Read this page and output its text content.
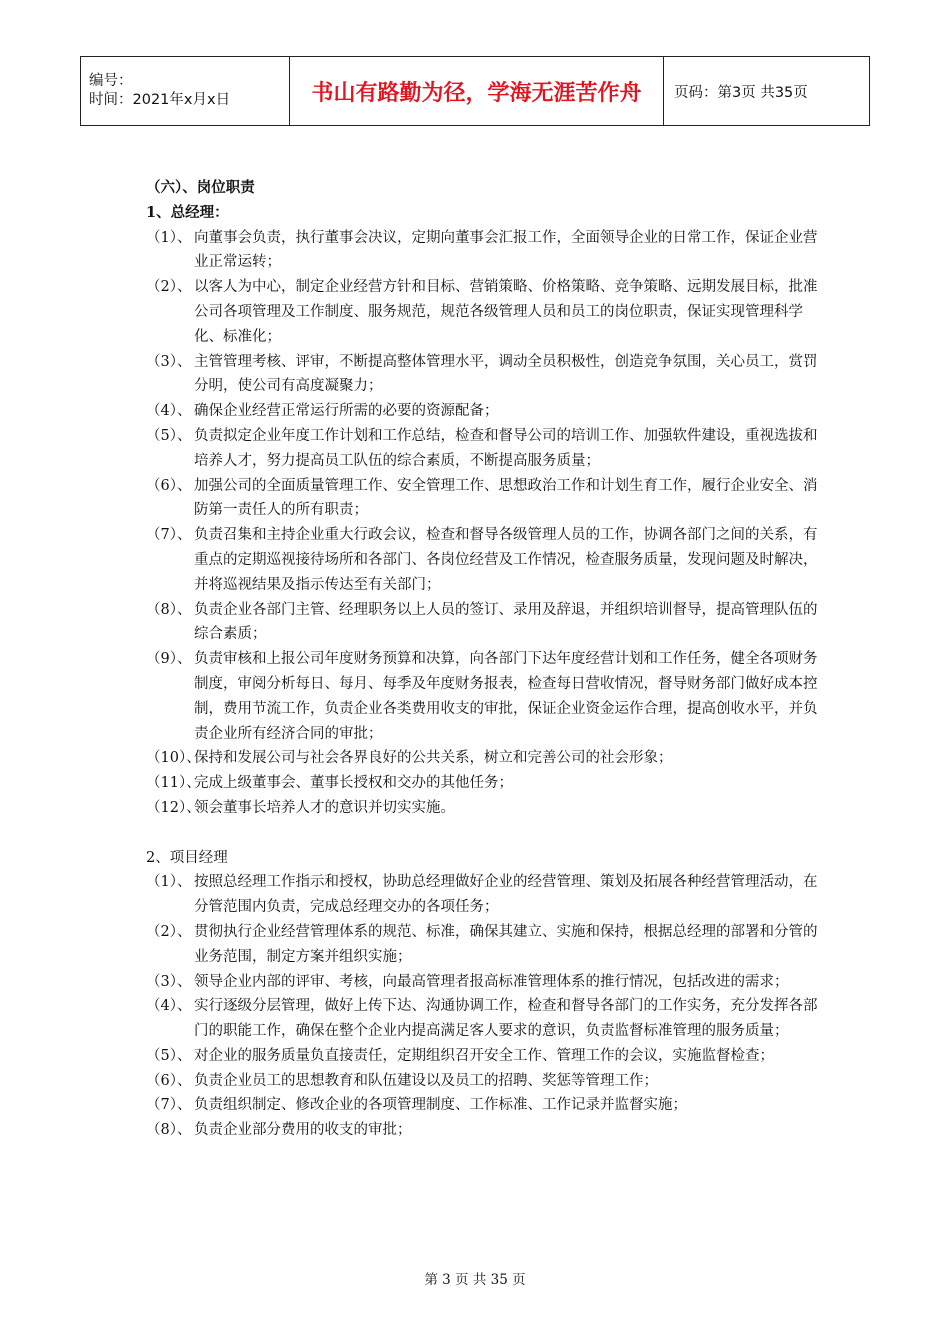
编号：
时间：2021年x月x日	书山有路勤为径，学海无涯苦作舟	页码：第3页 共35页
（六）、岗位职责
1、总经理：
（1）、 向董事会负责，执行董事会决议，定期向董事会汇报工作，全面领导企业的日常工作，保证企业营业正常运转；
（2）、 以客人为中心，制定企业经营方针和目标、营销策略、价格策略、竞争策略、远期发展目标，批准公司各项管理及工作制度、服务规范，规范各级管理人员和员工的岗位职责，保证实现管理科学化、标准化；
（3）、 主管管理考核、评审，不断提高整体管理水平，调动全员积极性，创造竞争氛围，关心员工，赏罚分明，使公司有高度凝聚力；
（4）、 确保企业经营正常运行所需的必要的资源配备；
（5）、 负责拟定企业年度工作计划和工作总结，检查和督导公司的培训工作、加强软件建设，重视选拔和培养人才，努力提高员工队伍的综合素质，不断提高服务质量；
（6）、 加强公司的全面质量管理工作、安全管理工作、思想政治工作和计划生育工作，履行企业安全、消防第一责任人的所有职责；
（7）、 负责召集和主持企业重大行政会议，检查和督导各级管理人员的工作，协调各部门之间的关系，有重点的定期巡视接待场所和各部门、各岗位经营及工作情况，检查服务质量，发现问题及时解决，并将巡视结果及指示传达至有关部门；
（8）、 负责企业各部门主管、经理职务以上人员的签订、录用及辞退，并组织培训督导，提高管理队伍的综合素质；
（9）、 负责审核和上报公司年度财务预算和决算，向各部门下达年度经营计划和工作任务，健全各项财务制度，审阅分析每日、每月、每季及年度财务报表，检查每日营收情况，督导财务部门做好成本控制，费用节流工作，负责企业各类费用收支的审批，保证企业资金运作合理，提高创收水平，并负责企业所有经济合同的审批；
（10）、
保持和发展公司与社会各界良好的公共关系，树立和完善公司的社会形象；
（11）、
完成上级董事会、董事长授权和交办的其他任务；
（12）、
领会董事长培养人才的意识并切实实施。
2、项目经理
（1）、 按照总经理工作指示和授权，协助总经理做好企业的经营管理、策划及拓展各种经营管理活动，在分管范围内负责，完成总经理交办的各项任务；
（2）、 贯彻执行企业经营管理体系的规范、标准，确保其建立、实施和保持，根据总经理的部署和分管的业务范围，制定方案并组织实施；
（3）、 领导企业内部的评审、考核，向最高管理者报高标准管理体系的推行情况，包括改进的需求；
（4）、 实行逐级分层管理，做好上传下达、沟通协调工作，检查和督导各部门的工作实务，充分发挥各部门的职能工作，确保在整个企业内提高满足客人要求的意识，负责监督标准管理的服务质量；
（5）、 对企业的服务质量负直接责任，定期组织召开安全工作、管理工作的会议，实施监督检查；
（6）、 负责企业员工的思想教育和队伍建设以及员工的招聘、奖惩等管理工作；
（7）、 负责组织制定、修改企业的各项管理制度、工作标准、工作记录并监督实施；
（8）、 负责企业部分费用的收支的审批；
第 3 页 共 35 页
